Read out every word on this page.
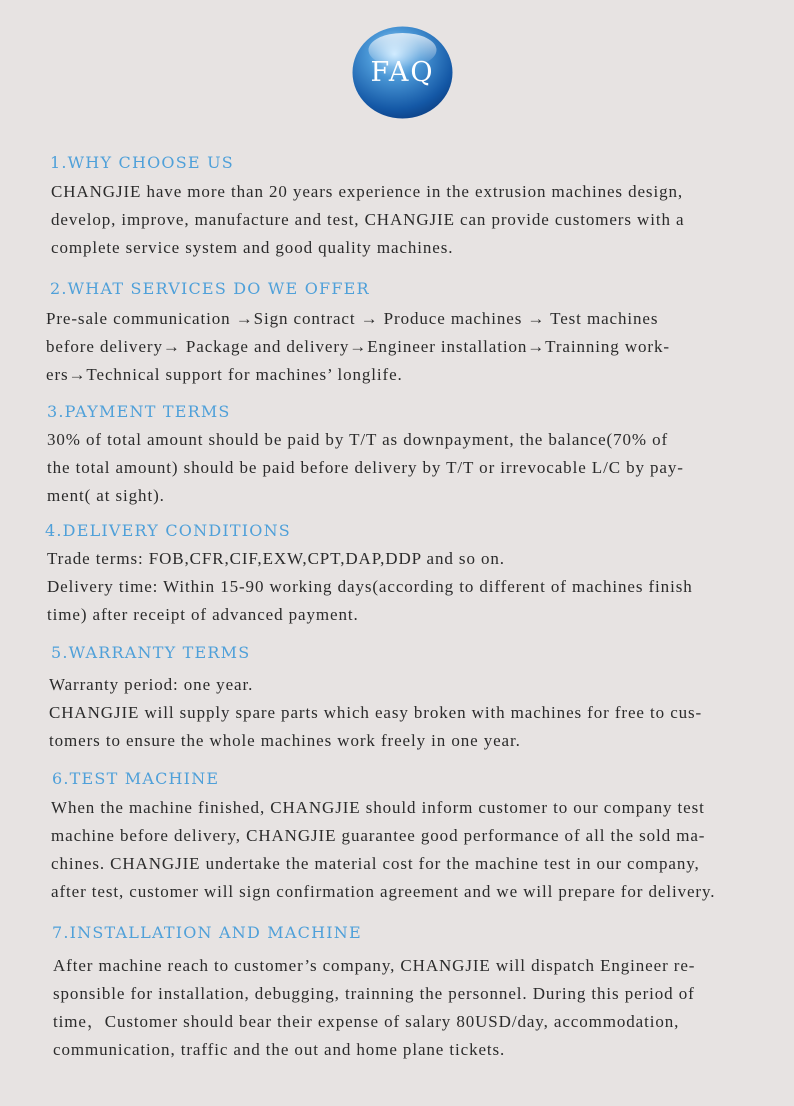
FAQ
1.WHY CHOOSE US
CHANGJIE have more than 20 years experience in the extrusion machines design,
develop, improve, manufacture and test, CHANGJIE can provide customers with a
complete service system and good quality machines.
2.WHAT SERVICES DO WE OFFER
Pre-sale communication →Sign contract → Produce machines → Test machines
before delivery→ Package and delivery→Engineer installation→Trainning work-
ers→Technical support for machines’ longlife.
3.PAYMENT TERMS
30% of total amount should be paid by T/T as downpayment, the balance(70% of
the total amount) should be paid before delivery by T/T or irrevocable L/C by pay-
ment( at sight).
4.DELIVERY CONDITIONS
Trade terms: FOB,CFR,CIF,EXW,CPT,DAP,DDP and so on.
Delivery time: Within 15-90 working days(according to different of machines finish
time) after receipt of advanced payment.
5.WARRANTY TERMS
Warranty period: one year.
CHANGJIE will supply spare parts which easy broken with machines for free to cus-
tomers to ensure the whole machines work freely in one year.
6.TEST MACHINE
When the machine finished, CHANGJIE should inform customer to our company test
machine before delivery, CHANGJIE guarantee good performance of all the sold ma-
chines. CHANGJIE undertake the material cost for the machine test in our company,
after test, customer will sign confirmation agreement and we will prepare for delivery.
7.INSTALLATION AND MACHINE
After machine reach to customer’s company, CHANGJIE will dispatch Engineer re-
sponsible for installation, debugging, trainning the personnel. During this period of
time，Customer should bear their expense of salary 80USD/day, accommodation,
communication, traffic and the out and home plane tickets.
